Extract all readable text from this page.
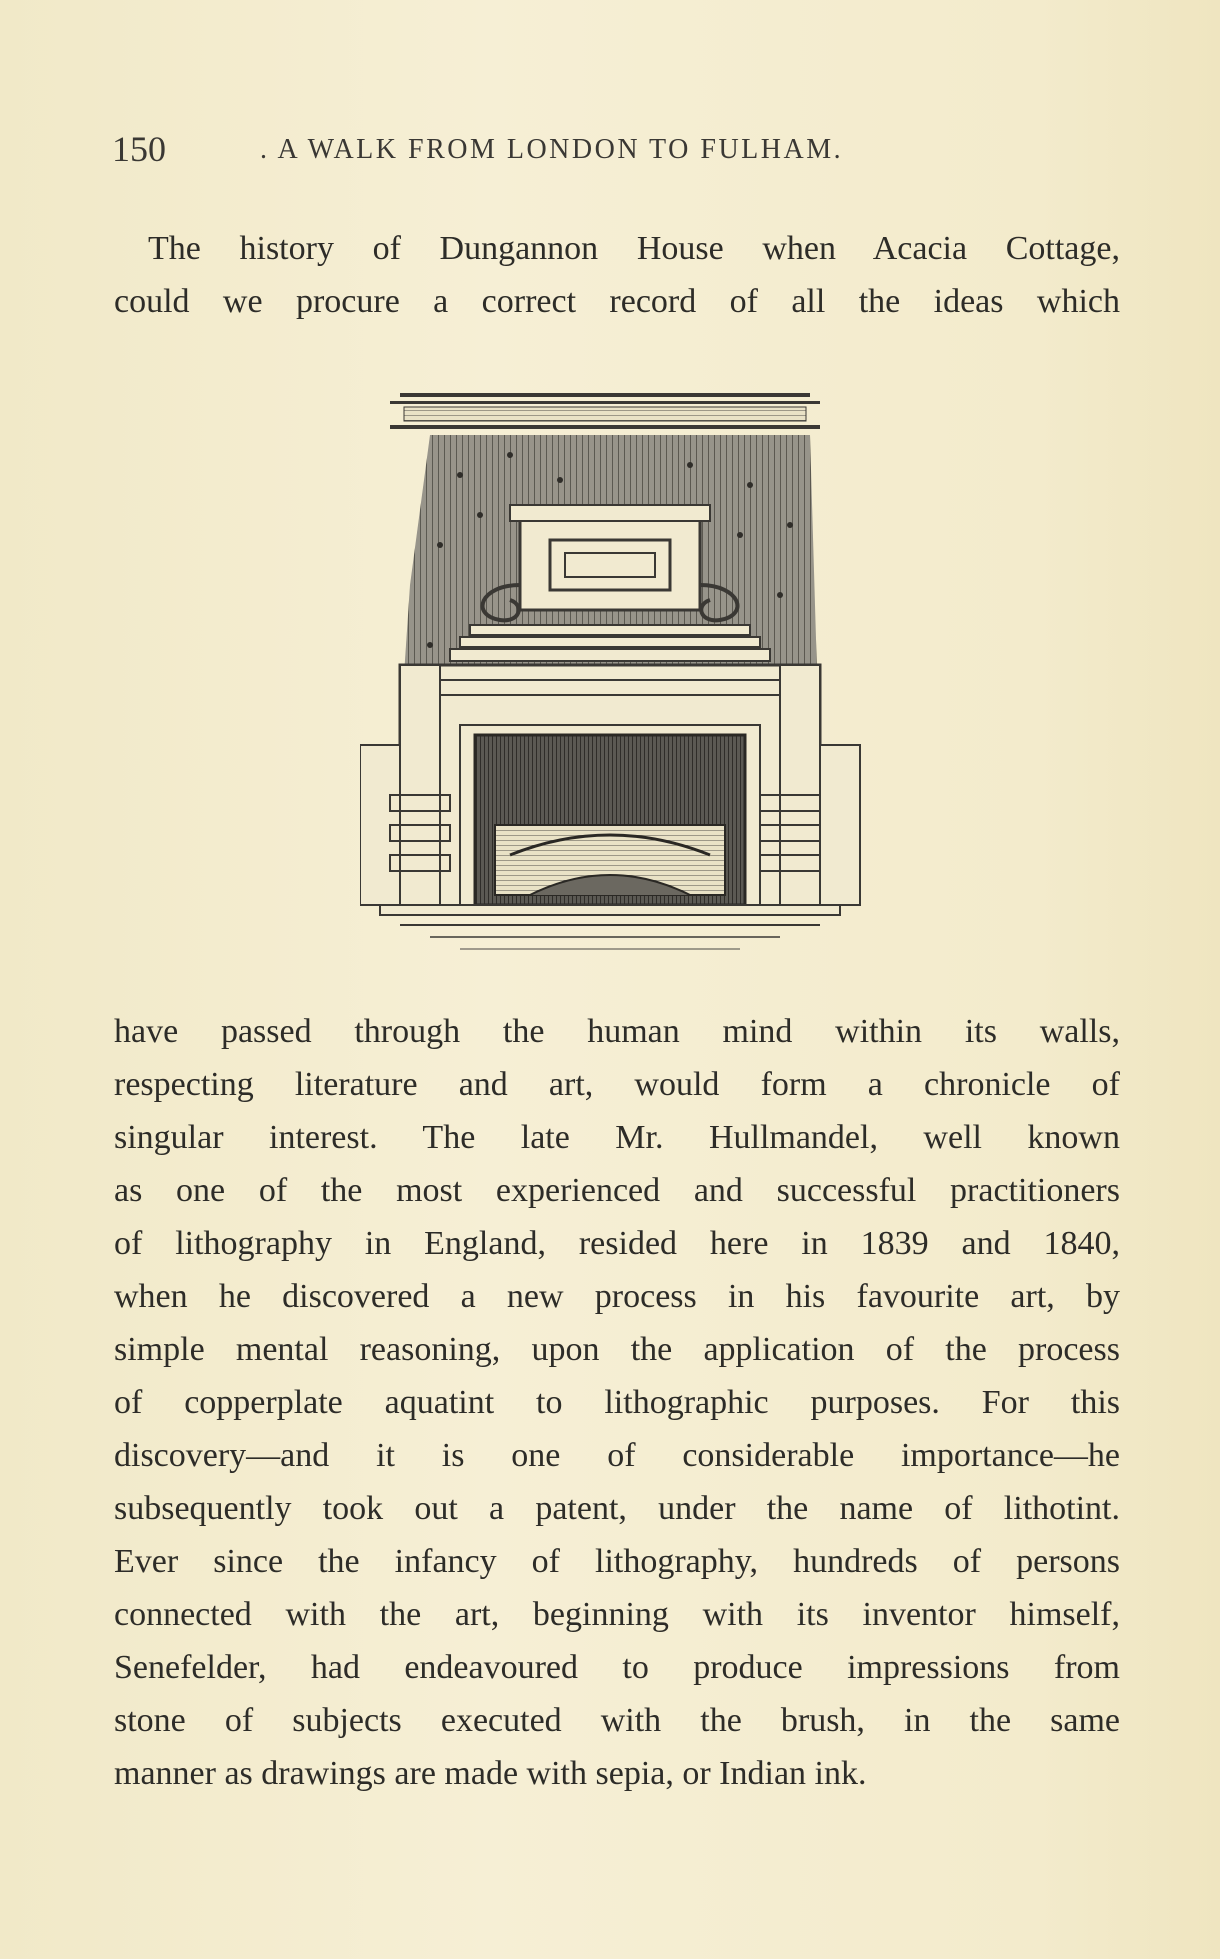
150	. A WALK FROM LONDON TO FULHAM.
The history of Dungannon House when Acacia Cottage,
could we procure a correct record of all the ideas which
have passed through the human mind within its walls,
respecting literature and art, would form a chronicle of
singular interest. The late Mr. Hullmandel, well known
as one of the most experienced and successful practitioners
of lithography in England, resided here in 1839 and 1840,
when he discovered a new process in his favourite art, by
simple mental reasoning, upon the application of the process
of copperplate aquatint to lithographic purposes. For this
discovery—and it is one of considerable importance—he
subsequently took out a patent, under the name of lithotint.
Ever since the infancy of lithography, hundreds of persons
connected with the art, beginning with its inventor himself,
Senefelder, had endeavoured to produce impressions from
stone of subjects executed with the brush, in the same
manner as drawings are made with sepia, or Indian ink.
